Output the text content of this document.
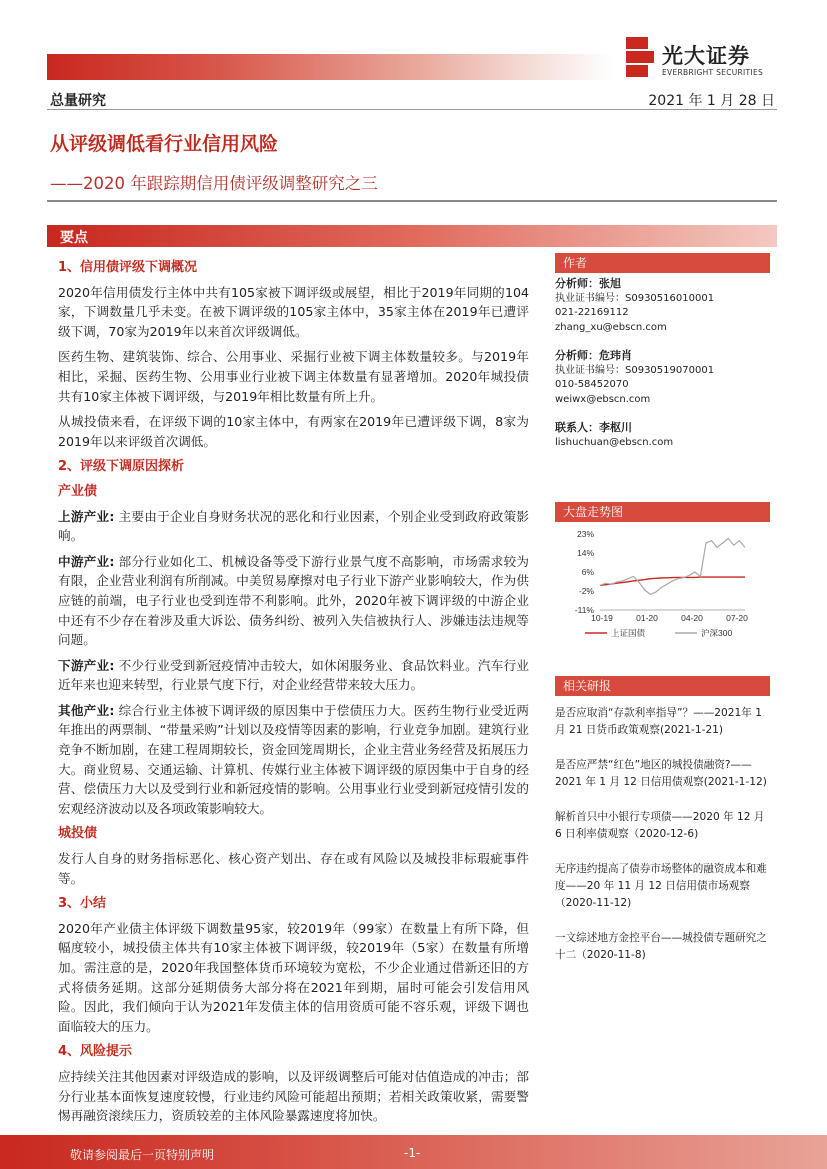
光大证券
EVERBRIGHT SECURITIES
总量研究	2021 年 1 月 28 日
从评级调低看行业信用风险
——2020 年跟踪期信用债评级调整研究之三
要点
1、信用债评级下调概况

2020年信用债发行主体中共有105家被下调评级或展望，相比于2019年同期的104家，下调数量几乎未变。在被下调评级的105家主体中，35家主体在2019年已遭评级下调，70家为2019年以来首次评级调低。

医药生物、建筑装饰、综合、公用事业、采掘行业被下调主体数量较多。与2019年相比，采掘、医药生物、公用事业行业被下调主体数量有显著增加。2020年城投债共有10家主体被下调评级，与2019年相比数量有所上升。

从城投债来看，在评级下调的10家主体中，有两家在2019年已遭评级下调，8家为2019年以来评级首次调低。

2、评级下调原因探析
产业债

上游产业: 主要由于企业自身财务状况的恶化和行业因素，个别企业受到政府政策影响。

中游产业: 部分行业如化工、机械设备等受下游行业景气度不高影响，市场需求较为有限，企业营业利润有所削减。中美贸易摩擦对电子行业下游产业影响较大，作为供应链的前端，电子行业也受到连带不利影响。此外，2020年被下调评级的中游企业中还有不少存在着涉及重大诉讼、债务纠纷、被列入失信被执行人、涉嫌违法违规等问题。

下游产业: 不少行业受到新冠疫情冲击较大，如休闲服务业、食品饮料业。汽车行业近年来也迎来转型，行业景气度下行，对企业经营带来较大压力。

其他产业: 综合行业主体被下调评级的原因集中于偿债压力大。医药生物行业受近两年推出的两票制、“带量采购”计划以及疫情等因素的影响，行业竞争加剧。建筑行业竞争不断加剧，在建工程周期较长，资金回笼周期长，企业主营业务经营及拓展压力大。商业贸易、交通运输、计算机、传媒行业主体被下调评级的原因集中于自身的经营、偿债压力大以及受到行业和新冠疫情的影响。公用事业行业受到新冠疫情引发的宏观经济波动以及各项政策影响较大。

城投债

发行人自身的财务指标恶化、核心资产划出、存在或有风险以及城投非标瑕疵事件等。

3、小结

2020年产业债主体评级下调数量95家，较2019年（99家）在数量上有所下降，但幅度较小，城投债主体共有10家主体被下调评级，较2019年（5家）在数量有所增加。需注意的是，2020年我国整体货币环境较为宽松，不少企业通过借新还旧的方式将债务延期。这部分延期债务大部分将在2021年到期，届时可能会引发信用风险。因此，我们倾向于认为2021年发债主体的信用资质可能不容乐观，评级下调也面临较大的压力。

4、风险提示

应持续关注其他因素对评级造成的影响，以及评级调整后可能对估值造成的冲击；部分行业基本面恢复速度较慢，行业违约风险可能超出预期；若相关政策收紧，需要警惕再融资滚续压力，资质较差的主体风险暴露速度将加快。

作者
分析师：张旭
执业证书编号：S0930516010001
021-22169112
zhang_xu@ebscn.com
分析师：危玮肖
执业证书编号：S0930519070001
010-58452070
weiwx@ebscn.com
联系人：李枢川
lishuchuan@ebscn.com
大盘走势图
23%
14%
6%
-2%
-11%
10-19	01-20	04-20	07-20
上证国债	沪深300
相关研报
是否应取消“存款利率指导”？——2021年 1 月 21 日货币政策观察(2021-1-21)
是否应严禁“红色”地区的城投债融资?——2021 年 1 月 12 日信用债观察(2021-1-12)
解析首只中小银行专项债——2020 年 12 月6 日利率债观察（2020-12-6)
无序违约提高了债券市场整体的融资成本和难度——20 年 11 月 12 日信用债市场观察（2020-11-12)
一文综述地方金控平台——城投债专题研究之十二（2020-11-8)
敬请参阅最后一页特别声明	-1-
